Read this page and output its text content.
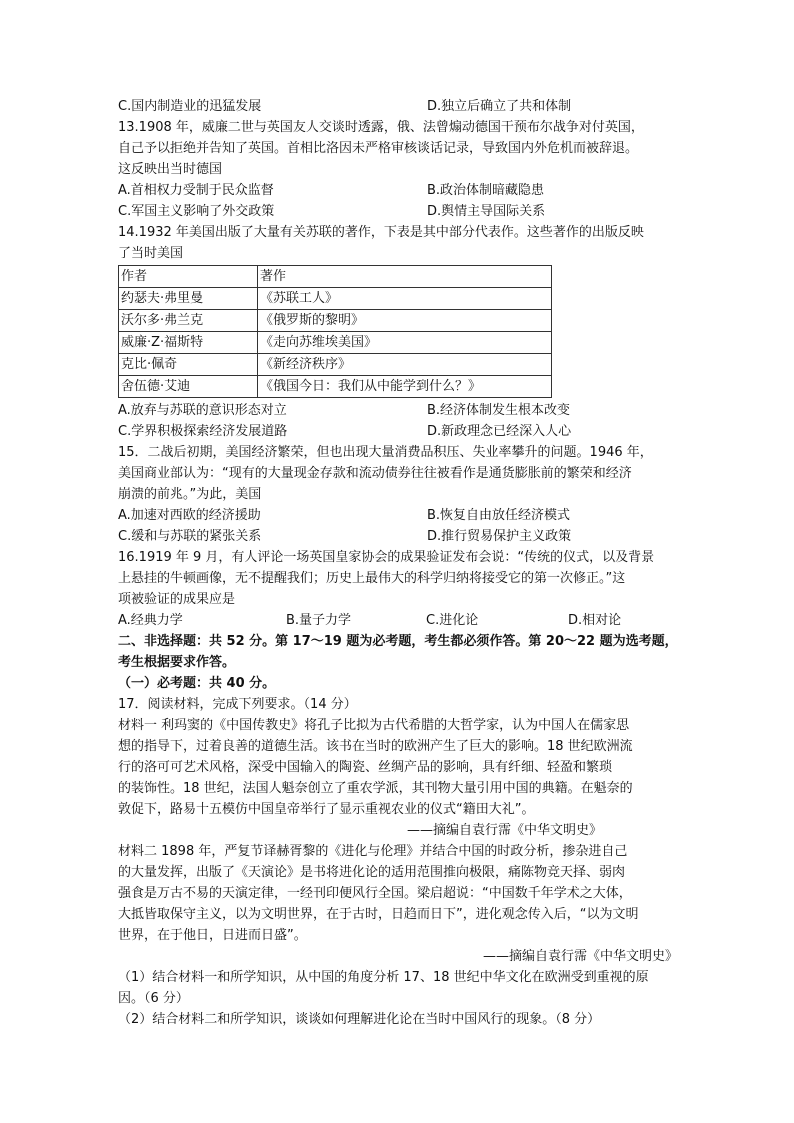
C.国内制造业的迅猛发展	D.独立后确立了共和体制
13.1908 年，威廉二世与英国友人交谈时透露，俄、法曾煽动德国干预布尔战争对付英国，
自己予以拒绝并告知了英国。首相比洛因未严格审核谈话记录，导致国内外危机而被辞退。
这反映出当时德国
A.首相权力受制于民众监督	B.政治体制暗藏隐患
C.军国主义影响了外交政策	D.舆情主导国际关系
14.1932 年美国出版了大量有关苏联的著作，下表是其中部分代表作。这些著作的出版反映
了当时美国
作者	著作
约瑟夫·弗里曼	《苏联工人》
沃尔多·弗兰克	《俄罗斯的黎明》
威廉·Z·福斯特	《走向苏维埃美国》
克比·佩奇	《新经济秩序》
舍伍德·艾迪	《俄国今日：我们从中能学到什么？》
A.放弃与苏联的意识形态对立	B.经济体制发生根本改变
C.学界积极探索经济发展道路	D.新政理念已经深入人心
15．二战后初期，美国经济繁荣，但也出现大量消费品积压、失业率攀升的问题。1946 年，
美国商业部认为：“现有的大量现金存款和流动债券往往被看作是通货膨胀前的繁荣和经济
崩溃的前兆。”为此，美国
A.加速对西欧的经济援助	B.恢复自由放任经济模式
C.缓和与苏联的紧张关系	D.推行贸易保护主义政策
16.1919 年 9 月，有人评论一场英国皇家协会的成果验证发布会说：“传统的仪式，以及背景
上悬挂的牛顿画像，无不提醒我们；历史上最伟大的科学归纳将接受它的第一次修正。”这
项被验证的成果应是
A.经典力学	B.量子力学	C.进化论	D.相对论
二、非选择题：共 52 分。第 17～19 题为必考题，考生都必须作答。第 20～22 题为选考题，
考生根据要求作答。
（一）必考题：共 40 分。
17．阅读材料，完成下列要求。（14 分）
材料一 利玛窦的《中国传教史》将孔子比拟为古代希腊的大哲学家，认为中国人在儒家思
想的指导下，过着良善的道德生活。该书在当时的欧洲产生了巨大的影响。18 世纪欧洲流
行的洛可可艺术风格，深受中国输入的陶瓷、丝绸产品的影响，具有纤细、轻盈和繁琐
的装饰性。18 世纪，法国人魁奈创立了重农学派，其刊物大量引用中国的典籍。在魁奈的
敦促下，路易十五模仿中国皇帝举行了显示重视农业的仪式“籍田大礼”。
——摘编自袁行霈《中华文明史》
材料二 1898 年，严复节译赫胥黎的《进化与伦理》并结合中国的时政分析，掺杂进自己
的大量发挥，出版了《天演论》是书将进化论的适用范围推向极限，痛陈物竞天择、弱肉
强食是万古不易的天演定律，一经刊印便风行全国。梁启超说：“中国数千年学术之大体，
大抵皆取保守主义，以为文明世界，在于古时，日趋而日下”，进化观念传入后，“以为文明
世界，在于他日，日进而日盛”。
——摘编自袁行霈《中华文明史》
（1）结合材料一和所学知识，从中国的角度分析 17、18 世纪中华文化在欧洲受到重视的原
因。（6 分）
（2）结合材料二和所学知识，谈谈如何理解进化论在当时中国风行的现象。（8 分）
